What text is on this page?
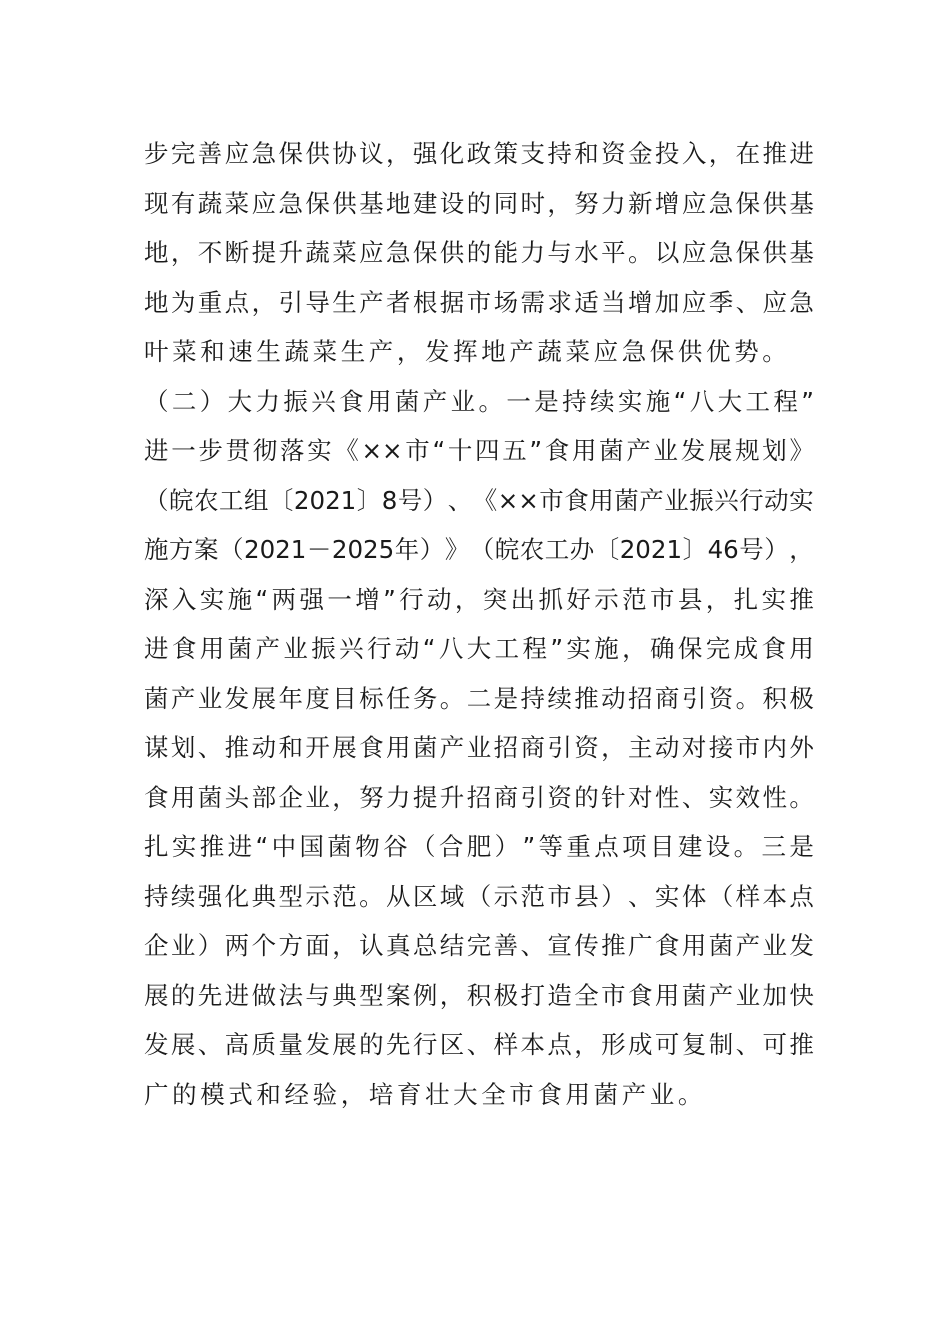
步 完 善 应 急 保 供 协 议 ， 强 化 政 策 支 持 和 资 金 投 入 ， 在 推 进
现 有 蔬 菜 应 急 保 供 基 地 建 设 的 同 时 ， 努 力 新 增 应 急 保 供 基
地 ， 不 断 提 升 蔬 菜 应 急 保 供 的 能 力 与 水 平 。 以 应 急 保 供 基
地 为 重 点 ， 引 导 生 产 者 根 据 市 场 需 求 适 当 增 加 应 季 、 应 急
叶菜和速生蔬菜生产，发挥地产蔬菜应急保供优势。
（ 二 ） 大 力 振 兴 食 用 菌 产 业 。 一 是 持 续 实 施 “ 八 大 工 程 ”
进 一 步 贯 彻 落 实 《 ×× 市 “ 十 四 五 ” 食 用 菌 产 业 发 展 规 划 》
（ 皖 农 工 组 〔 2021 〕 8 号 ） 、 《 ×× 市 食 用 菌 产 业 振 兴 行 动 实
施 方 案 （ 2021 － 2025 年 ） 》 （ 皖 农 工 办 〔 2021 〕 46 号 ） ，
深 入 实 施 “ 两 强 一 增 ” 行 动 ， 突 出 抓 好 示 范 市 县 ， 扎 实 推
进 食 用 菌 产 业 振 兴 行 动 “ 八 大 工 程 ” 实 施 ， 确 保 完 成 食 用
菌 产 业 发 展 年 度 目 标 任 务 。 二 是 持 续 推 动 招 商 引 资 。 积 极
谋 划 、 推 动 和 开 展 食 用 菌 产 业 招 商 引 资 ， 主 动 对 接 市 内 外
食 用 菌 头 部 企 业 ， 努 力 提 升 招 商 引 资 的 针 对 性 、 实 效 性 。
扎 实 推 进 “ 中 国 菌 物 谷 （ 合 肥 ） ” 等 重 点 项 目 建 设 。 三 是
持 续 强 化 典 型 示 范 。 从 区 域 （ 示 范 市 县 ） 、 实 体 （ 样 本 点
企 业 ） 两 个 方 面 ， 认 真 总 结 完 善 、 宣 传 推 广 食 用 菌 产 业 发
展 的 先 进 做 法 与 典 型 案 例 ， 积 极 打 造 全 市 食 用 菌 产 业 加 快
发 展 、 高 质 量 发 展 的 先 行 区 、 样 本 点 ， 形 成 可 复 制 、 可 推
广的模式和经验，培育壮大全市食用菌产业。
